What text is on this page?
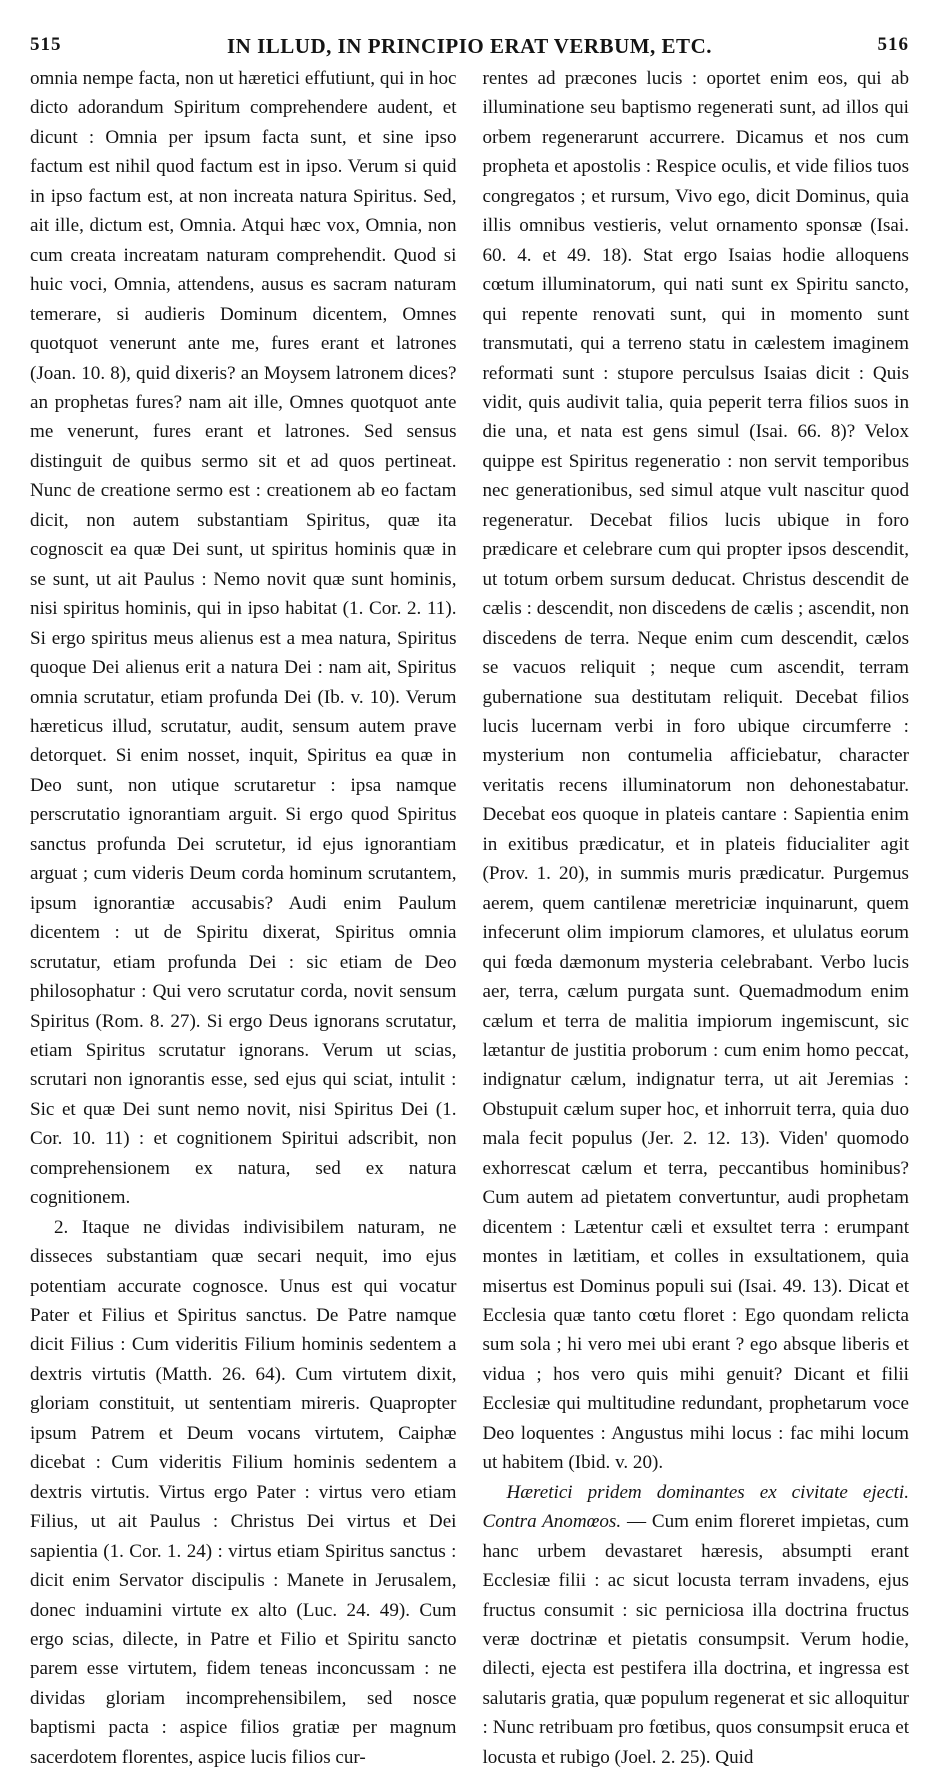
515	IN ILLUD, IN PRINCIPIO ERAT VERBUM, ETC.	516

omnia nempe facta, non ut hæretici effutiunt, qui in hoc dicto adorandum Spiritum comprehendere audent, et dicunt : Omnia per ipsum facta sunt, et sine ipso factum est nihil quod factum est in ipso. Verum si quid in ipso factum est, at non increata natura Spiritus. Sed, ait ille, dictum est, Omnia. Atqui hæc vox, Omnia, non cum creata increatam naturam comprehendit. Quod si huic voci, Omnia, attendens, ausus es sacram naturam temerare, si audieris Dominum dicentem, Omnes quotquot venerunt ante me, fures erant et latrones (Joan. 10. 8), quid dixeris? an Moysem latronem dices? an prophetas fures? nam ait ille, Omnes quotquot ante me venerunt, fures erant et latrones. Sed sensus distinguit de quibus sermo sit et ad quos pertineat. Nunc de creatione sermo est : creationem ab eo factam dicit, non autem substantiam Spiritus, quæ ita cognoscit ea quæ Dei sunt, ut spiritus hominis quæ in se sunt, ut ait Paulus : Nemo novit quæ sunt hominis, nisi spiritus hominis, qui in ipso habitat (1. Cor. 2. 11). Si ergo spiritus meus alienus est a mea natura, Spiritus quoque Dei alienus erit a natura Dei : nam ait, Spiritus omnia scrutatur, etiam profunda Dei (Ib. v. 10). Verum hæreticus illud, scrutatur, audit, sensum autem prave detorquet. Si enim nosset, inquit, Spiritus ea quæ in Deo sunt, non utique scrutaretur : ipsa namque perscrutatio ignorantiam arguit. Si ergo quod Spiritus sanctus profunda Dei scrutetur, id ejus ignorantiam arguat ; cum videris Deum corda hominum scrutantem, ipsum ignorantiæ accusabis? Audi enim Paulum dicentem : ut de Spiritu dixerat, Spiritus omnia scrutatur, etiam profunda Dei : sic etiam de Deo philosophatur : Qui vero scrutatur corda, novit sensum Spiritus (Rom. 8. 27). Si ergo Deus ignorans scrutatur, etiam Spiritus scrutatur ignorans. Verum ut scias, scrutari non ignorantis esse, sed ejus qui sciat, intulit : Sic et quæ Dei sunt nemo novit, nisi Spiritus Dei (1. Cor. 10. 11) : et cognitionem Spiritui adscribit, non comprehensionem ex natura, sed ex natura cognitionem.

2. Itaque ne dividas indivisibilem naturam, ne disseces substantiam quæ secari nequit, imo ejus potentiam accurate cognosce. Unus est qui vocatur Pater et Filius et Spiritus sanctus. De Patre namque dicit Filius : Cum videritis Filium hominis sedentem a dextris virtutis (Matth. 26. 64). Cum virtutem dixit, gloriam constituit, ut sententiam mireris. Quapropter ipsum Patrem et Deum vocans virtutem, Caiphæ dicebat : Cum videritis Filium hominis sedentem a dextris virtutis. Virtus ergo Pater : virtus vero etiam Filius, ut ait Paulus : Christus Dei virtus et Dei sapientia (1. Cor. 1. 24) : virtus etiam Spiritus sanctus : dicit enim Servator discipulis : Manete in Jerusalem, donec induamini virtute ex alto (Luc. 24. 49). Cum ergo scias, dilecte, in Patre et Filio et Spiritu sancto parem esse virtutem, fidem teneas inconcussam : ne dividas gloriam incomprehensibilem, sed nosce baptismi pacta : aspice filios gratiæ per magnum sacerdotem florentes, aspice lucis filios cur-

rentes ad præcones lucis : oportet enim eos, qui ab illuminatione seu baptismo regenerati sunt, ad illos qui orbem regenerarunt accurrere. Dicamus et nos cum propheta et apostolis : Respice oculis, et vide filios tuos congregatos ; et rursum, Vivo ego, dicit Dominus, quia illis omnibus vestieris, velut ornamento sponsæ (Isai. 60. 4. et 49. 18). Stat ergo Isaias hodie alloquens cœtum illuminatorum, qui nati sunt ex Spiritu sancto, qui repente renovati sunt, qui in momento sunt transmutati, qui a terreno statu in cælestem imaginem reformati sunt : stupore perculsus Isaias dicit : Quis vidit, quis audivit talia, quia peperit terra filios suos in die una, et nata est gens simul (Isai. 66. 8)? Velox quippe est Spiritus regeneratio : non servit temporibus nec generationibus, sed simul atque vult nascitur quod regeneratur. Decebat filios lucis ubique in foro prædicare et celebrare cum qui propter ipsos descendit, ut totum orbem sursum deducat. Christus descendit de cælis : descendit, non discedens de cælis ; ascendit, non discedens de terra. Neque enim cum descendit, cælos se vacuos reliquit ; neque cum ascendit, terram gubernatione sua destitutam reliquit. Decebat filios lucis lucernam verbi in foro ubique circumferre : mysterium non contumelia afficiebatur, character veritatis recens illuminatorum non dehonestabatur. Decebat eos quoque in plateis cantare : Sapientia enim in exitibus prædicatur, et in plateis fiducialiter agit (Prov. 1. 20), in summis muris prædicatur. Purgemus aerem, quem cantilenæ meretriciæ inquinarunt, quem infecerunt olim impiorum clamores, et ululatus eorum qui fœda dæmonum mysteria celebrabant. Verbo lucis aer, terra, cælum purgata sunt. Quemadmodum enim cælum et terra de malitia impiorum ingemiscunt, sic lætantur de justitia proborum : cum enim homo peccat, indignatur cælum, indignatur terra, ut ait Jeremias : Obstupuit cælum super hoc, et inhorruit terra, quia duo mala fecit populus (Jer. 2. 12. 13). Viden' quomodo exhorrescat cælum et terra, peccantibus hominibus? Cum autem ad pietatem convertuntur, audi prophetam dicentem : Lætentur cæli et exsultet terra : erumpant montes in lætitiam, et colles in exsultationem, quia misertus est Dominus populi sui (Isai. 49. 13). Dicat et Ecclesia quæ tanto cœtu floret : Ego quondam relicta sum sola ; hi vero mei ubi erant ? ego absque liberis et vidua ; hos vero quis mihi genuit? Dicant et filii Ecclesiæ qui multitudine redundant, prophetarum voce Deo loquentes : Angustus mihi locus : fac mihi locum ut habitem (Ibid. v. 20).

Hæretici pridem dominantes ex civitate ejecti. Contra Anomœos. — Cum enim floreret impietas, cum hanc urbem devastaret hæresis, absumpti erant Ecclesiæ filii : ac sicut locusta terram invadens, ejus fructus consumit : sic perniciosa illa doctrina fructus veræ doctrinæ et pietatis consumpsit. Verum hodie, dilecti, ejecta est pestifera illa doctrina, et ingressa est salutaris gratia, quæ populum regenerat et sic alloquitur : Nunc retribuam pro fœtibus, quos consumpsit eruca et locusta et rubigo (Joel. 2. 25). Quid
